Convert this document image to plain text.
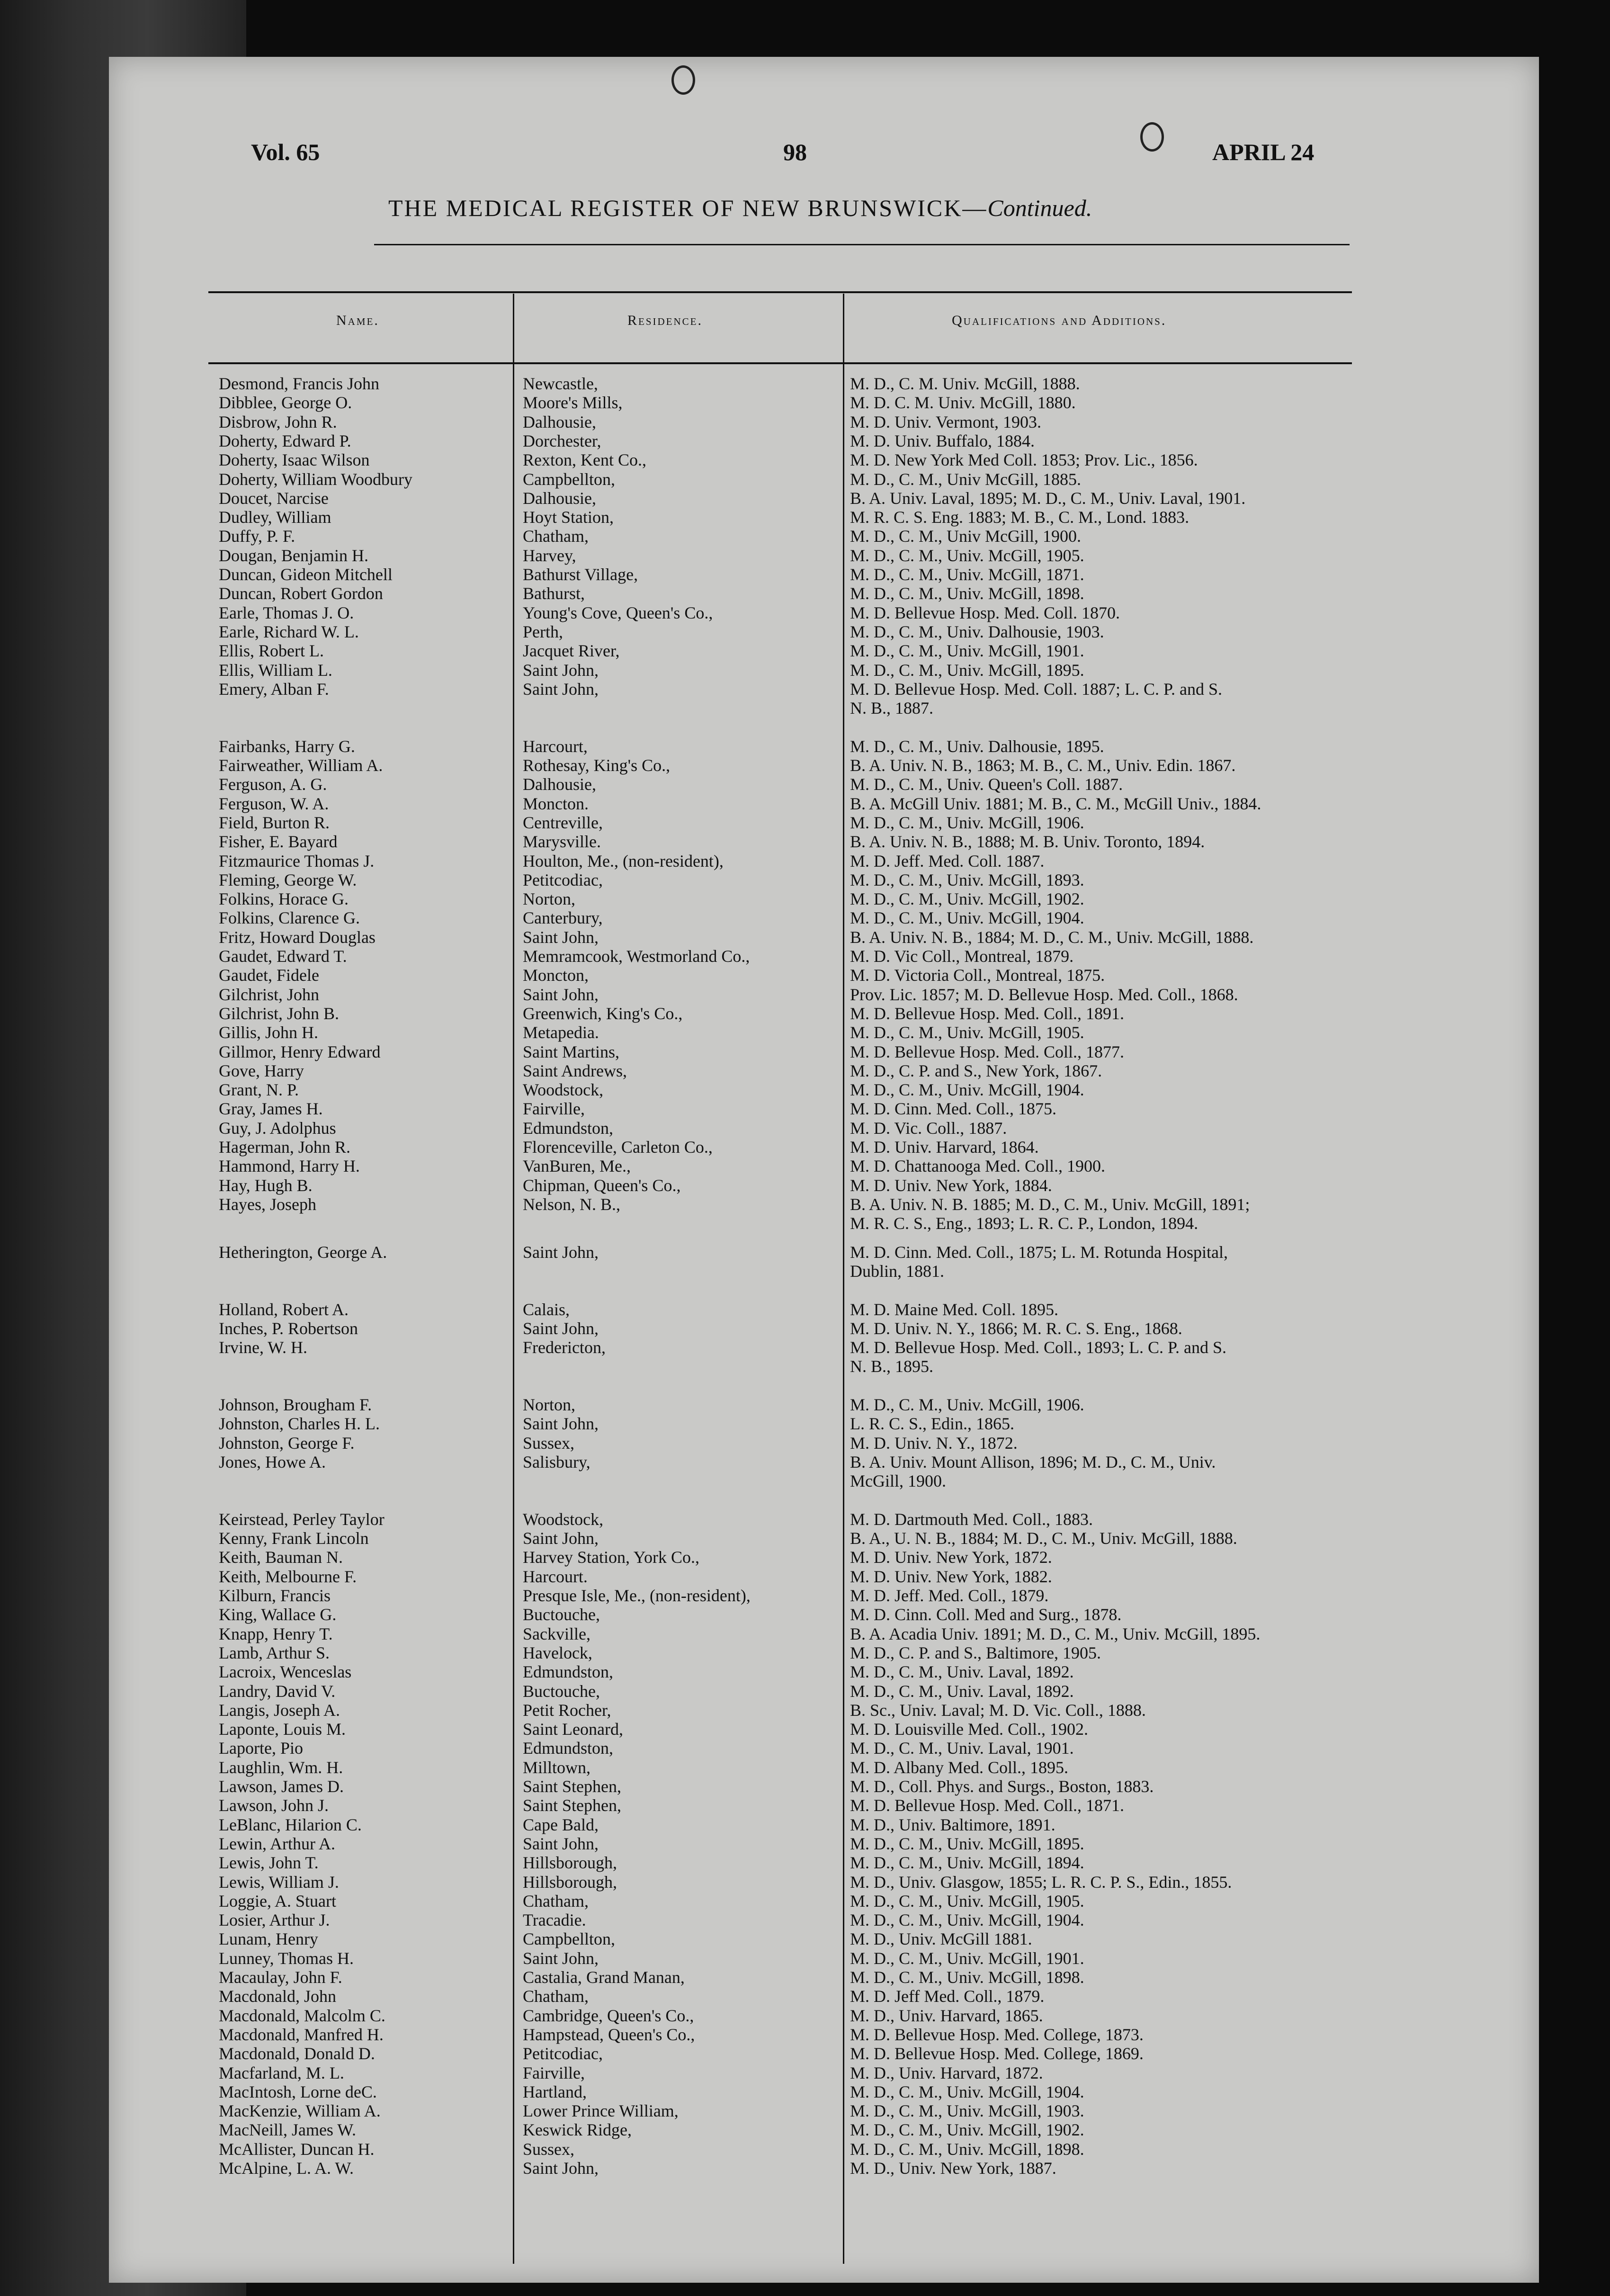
Vol. 65	98	APRIL 24
THE MEDICAL REGISTER OF NEW BRUNSWICK—Continued.
Name.	Residence.	Qualifications and Additions.
Desmond, Francis John	Newcastle,	M. D., C. M. Univ. McGill, 1888.
Dibblee, George O.	Moore's Mills,	M. D. C. M. Univ. McGill, 1880.
Disbrow, John R.	Dalhousie,	M. D. Univ. Vermont, 1903.
Doherty, Edward P.	Dorchester,	M. D. Univ. Buffalo, 1884.
Doherty, Isaac Wilson	Rexton, Kent Co.,	M. D. New York Med Coll. 1853; Prov. Lic., 1856.
Doherty, William Woodbury	Campbellton,	M. D., C. M., Univ McGill, 1885.
Doucet, Narcise	Dalhousie,	B. A. Univ. Laval, 1895; M. D., C. M., Univ. Laval, 1901.
Dudley, William	Hoyt Station,	M. R. C. S. Eng. 1883; M. B., C. M., Lond. 1883.
Duffy, P. F.	Chatham,	M. D., C. M., Univ McGill, 1900.
Dougan, Benjamin H.	Harvey,	M. D., C. M., Univ. McGill, 1905.
Duncan, Gideon Mitchell	Bathurst Village,	M. D., C. M., Univ. McGill, 1871.
Duncan, Robert Gordon	Bathurst,	M. D., C. M., Univ. McGill, 1898.
Earle, Thomas J. O.	Young's Cove, Queen's Co.,	M. D. Bellevue Hosp. Med. Coll. 1870.
Earle, Richard W. L.	Perth,	M. D., C. M., Univ. Dalhousie, 1903.
Ellis, Robert L.	Jacquet River,	M. D., C. M., Univ. McGill, 1901.
Ellis, William L.	Saint John,	M. D., C. M., Univ. McGill, 1895.
Emery, Alban F.	Saint John,	M. D. Bellevue Hosp. Med. Coll. 1887; L. C. P. and S.
N. B., 1887.
Fairbanks, Harry G.	Harcourt,	M. D., C. M., Univ. Dalhousie, 1895.
Fairweather, William A.	Rothesay, King's Co.,	B. A. Univ. N. B., 1863; M. B., C. M., Univ. Edin. 1867.
Ferguson, A. G.	Dalhousie,	M. D., C. M., Univ. Queen's Coll. 1887.
Ferguson, W. A.	Moncton.	B. A. McGill Univ. 1881; M. B., C. M., McGill Univ., 1884.
Field, Burton R.	Centreville,	M. D., C. M., Univ. McGill, 1906.
Fisher, E. Bayard	Marysville.	B. A. Univ. N. B., 1888; M. B. Univ. Toronto, 1894.
Fitzmaurice Thomas J.	Houlton, Me., (non-resident),	M. D. Jeff. Med. Coll. 1887.
Fleming, George W.	Petitcodiac,	M. D., C. M., Univ. McGill, 1893.
Folkins, Horace G.	Norton,	M. D., C. M., Univ. McGill, 1902.
Folkins, Clarence G.	Canterbury,	M. D., C. M., Univ. McGill, 1904.
Fritz, Howard Douglas	Saint John,	B. A. Univ. N. B., 1884; M. D., C. M., Univ. McGill, 1888.
Gaudet, Edward T.	Memramcook, Westmorland Co.,	M. D. Vic Coll., Montreal, 1879.
Gaudet, Fidele	Moncton,	M. D. Victoria Coll., Montreal, 1875.
Gilchrist, John	Saint John,	Prov. Lic. 1857; M. D. Bellevue Hosp. Med. Coll., 1868.
Gilchrist, John B.	Greenwich, King's Co.,	M. D. Bellevue Hosp. Med. Coll., 1891.
Gillis, John H.	Metapedia.	M. D., C. M., Univ. McGill, 1905.
Gillmor, Henry Edward	Saint Martins,	M. D. Bellevue Hosp. Med. Coll., 1877.
Gove, Harry	Saint Andrews,	M. D., C. P. and S., New York, 1867.
Grant, N. P.	Woodstock,	M. D., C. M., Univ. McGill, 1904.
Gray, James H.	Fairville,	M. D. Cinn. Med. Coll., 1875.
Guy, J. Adolphus	Edmundston,	M. D. Vic. Coll., 1887.
Hagerman, John R.	Florenceville, Carleton Co.,	M. D. Univ. Harvard, 1864.
Hammond, Harry H.	VanBuren, Me.,	M. D. Chattanooga Med. Coll., 1900.
Hay, Hugh B.	Chipman, Queen's Co.,	M. D. Univ. New York, 1884.
Hayes, Joseph	Nelson, N. B.,	B. A. Univ. N. B. 1885; M. D., C. M., Univ. McGill, 1891;
M. R. C. S., Eng., 1893; L. R. C. P., London, 1894.
Hetherington, George A.	Saint John,	M. D. Cinn. Med. Coll., 1875; L. M. Rotunda Hospital,
Dublin, 1881.
Holland, Robert A.	Calais,	M. D. Maine Med. Coll. 1895.
Inches, P. Robertson	Saint John,	M. D. Univ. N. Y., 1866; M. R. C. S. Eng., 1868.
Irvine, W. H.	Fredericton,	M. D. Bellevue Hosp. Med. Coll., 1893; L. C. P. and S.
N. B., 1895.
Johnson, Brougham F.	Norton,	M. D., C. M., Univ. McGill, 1906.
Johnston, Charles H. L.	Saint John,	L. R. C. S., Edin., 1865.
Johnston, George F.	Sussex,	M. D. Univ. N. Y., 1872.
Jones, Howe A.	Salisbury,	B. A. Univ. Mount Allison, 1896; M. D., C. M., Univ.
McGill, 1900.
Keirstead, Perley Taylor	Woodstock,	M. D. Dartmouth Med. Coll., 1883.
Kenny, Frank Lincoln	Saint John,	B. A., U. N. B., 1884; M. D., C. M., Univ. McGill, 1888.
Keith, Bauman N.	Harvey Station, York Co.,	M. D. Univ. New York, 1872.
Keith, Melbourne F.	Harcourt.	M. D. Univ. New York, 1882.
Kilburn, Francis	Presque Isle, Me., (non-resident),	M. D. Jeff. Med. Coll., 1879.
King, Wallace G.	Buctouche,	M. D. Cinn. Coll. Med and Surg., 1878.
Knapp, Henry T.	Sackville,	B. A. Acadia Univ. 1891; M. D., C. M., Univ. McGill, 1895.
Lamb, Arthur S.	Havelock,	M. D., C. P. and S., Baltimore, 1905.
Lacroix, Wenceslas	Edmundston,	M. D., C. M., Univ. Laval, 1892.
Landry, David V.	Buctouche,	M. D., C. M., Univ. Laval, 1892.
Langis, Joseph A.	Petit Rocher,	B. Sc., Univ. Laval; M. D. Vic. Coll., 1888.
Laponte, Louis M.	Saint Leonard,	M. D. Louisville Med. Coll., 1902.
Laporte, Pio	Edmundston,	M. D., C. M., Univ. Laval, 1901.
Laughlin, Wm. H.	Milltown,	M. D. Albany Med. Coll., 1895.
Lawson, James D.	Saint Stephen,	M. D., Coll. Phys. and Surgs., Boston, 1883.
Lawson, John J.	Saint Stephen,	M. D. Bellevue Hosp. Med. Coll., 1871.
LeBlanc, Hilarion C.	Cape Bald,	M. D., Univ. Baltimore, 1891.
Lewin, Arthur A.	Saint John,	M. D., C. M., Univ. McGill, 1895.
Lewis, John T.	Hillsborough,	M. D., C. M., Univ. McGill, 1894.
Lewis, William J.	Hillsborough,	M. D., Univ. Glasgow, 1855; L. R. C. P. S., Edin., 1855.
Loggie, A. Stuart	Chatham,	M. D., C. M., Univ. McGill, 1905.
Losier, Arthur J.	Tracadie.	M. D., C. M., Univ. McGill, 1904.
Lunam, Henry	Campbellton,	M. D., Univ. McGill 1881.
Lunney, Thomas H.	Saint John,	M. D., C. M., Univ. McGill, 1901.
Macaulay, John F.	Castalia, Grand Manan,	M. D., C. M., Univ. McGill, 1898.
Macdonald, John	Chatham,	M. D. Jeff Med. Coll., 1879.
Macdonald, Malcolm C.	Cambridge, Queen's Co.,	M. D., Univ. Harvard, 1865.
Macdonald, Manfred H.	Hampstead, Queen's Co.,	M. D. Bellevue Hosp. Med. College, 1873.
Macdonald, Donald D.	Petitcodiac,	M. D. Bellevue Hosp. Med. College, 1869.
Macfarland, M. L.	Fairville,	M. D., Univ. Harvard, 1872.
MacIntosh, Lorne deC.	Hartland,	M. D., C. M., Univ. McGill, 1904.
MacKenzie, William A.	Lower Prince William,	M. D., C. M., Univ. McGill, 1903.
MacNeill, James W.	Keswick Ridge,	M. D., C. M., Univ. McGill, 1902.
McAllister, Duncan H.	Sussex,	M. D., C. M., Univ. McGill, 1898.
McAlpine, L. A. W.	Saint John,	M. D., Univ. New York, 1887.
